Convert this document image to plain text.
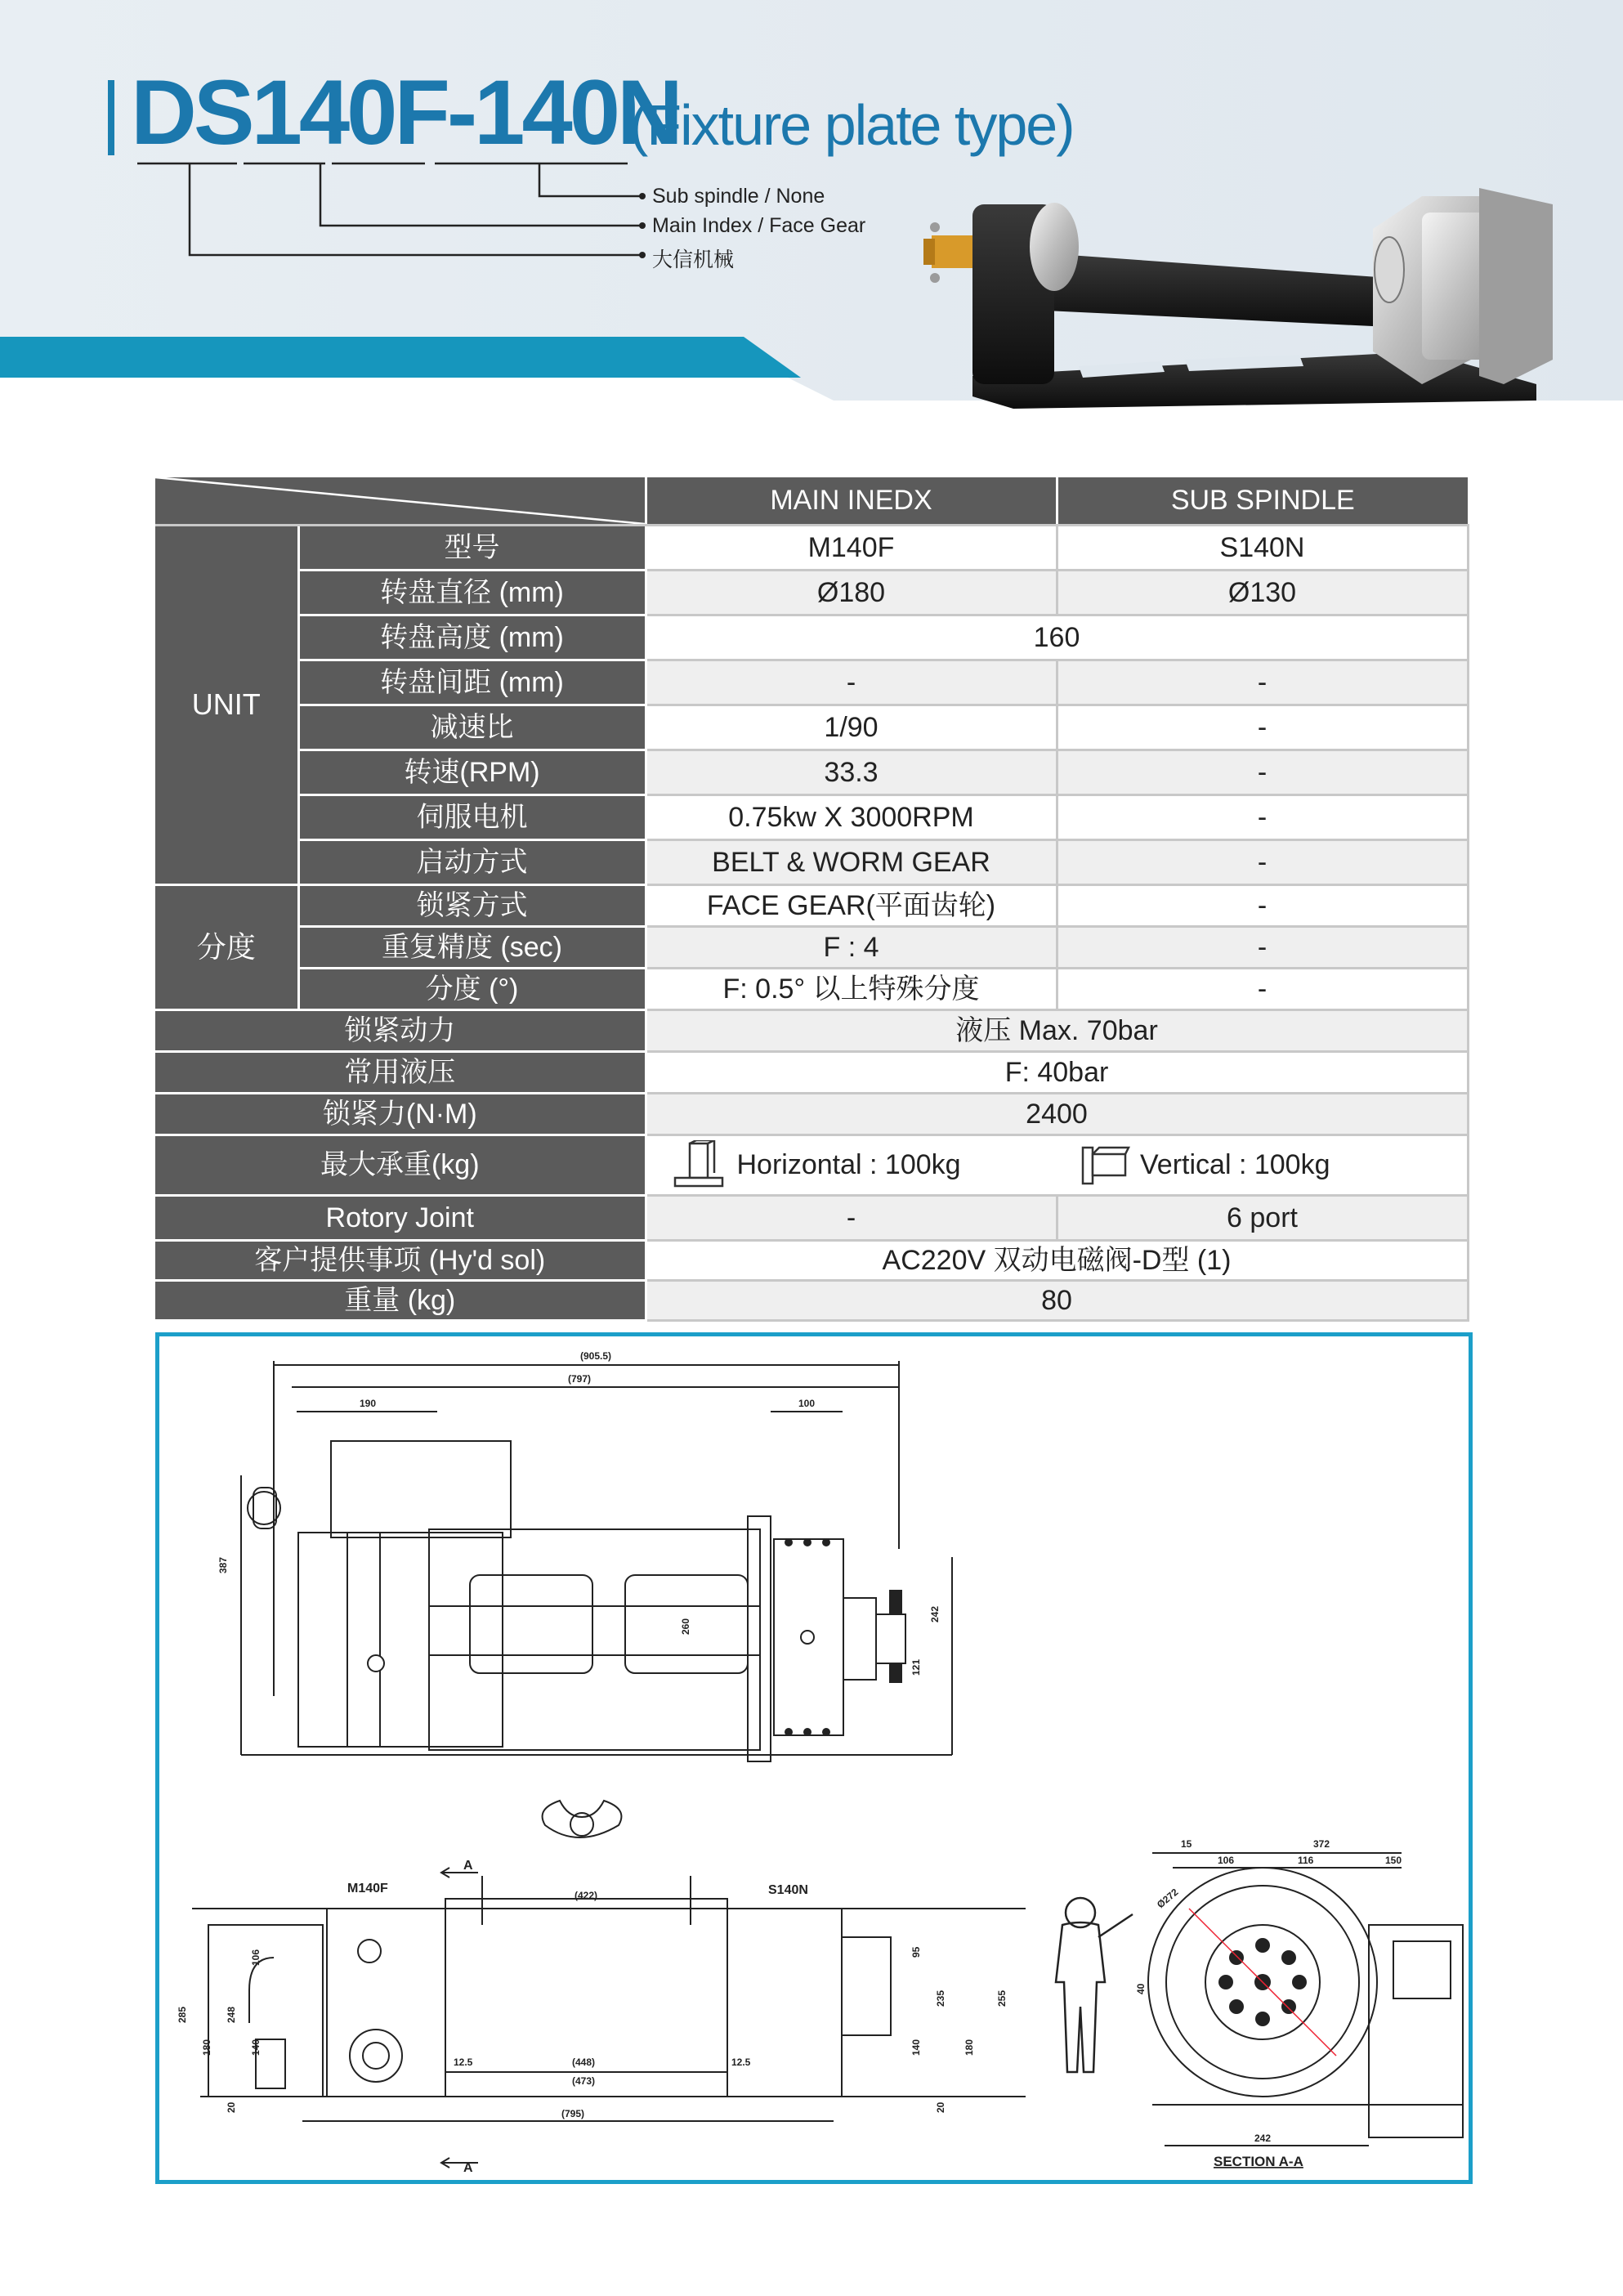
DS140F-140N
(Fixture plate type)
Sub spindle / None
Main Index / Face Gear
大信机械
		MAIN INEDX	SUB SPINDLE
UNIT	型号	M140F	S140N
	转盘直径 (mm)	Ø180	Ø130
	转盘高度 (mm)	160	
	转盘间距 (mm)	-	-
	减速比	1/90	-
	转速(RPM)	33.3	-
	伺服电机	0.75kw X 3000RPM	-
	启动方式	BELT & WORM GEAR	-
分度	锁紧方式	FACE GEAR(平面齿轮)	-
	重复精度 (sec)	F : 4	-
	分度 (°)	F: 0.5° 以上特殊分度	-
锁紧动力		液压 Max. 70bar	
常用液压		F: 40bar	
锁紧力(N·M)		2400	
最大承重(kg)		Horizontal : 100kg	Vertical : 100kg

Rotory Joint		-	6 port
客户提供事项 (Hy'd sol)		AC220V 双动电磁阀-D型 (1)	
重量 (kg)		80	
(905.5)
(797)
190	100
387
260
242
121
M140F	(422)	S140N
285	248
180	140
106
20
12.5	(448)
(473)
12.5
(795)
95
235
140	180
255
20
40
15	372
106	116	150
Ø272
242
A
A	SECTION A-A
